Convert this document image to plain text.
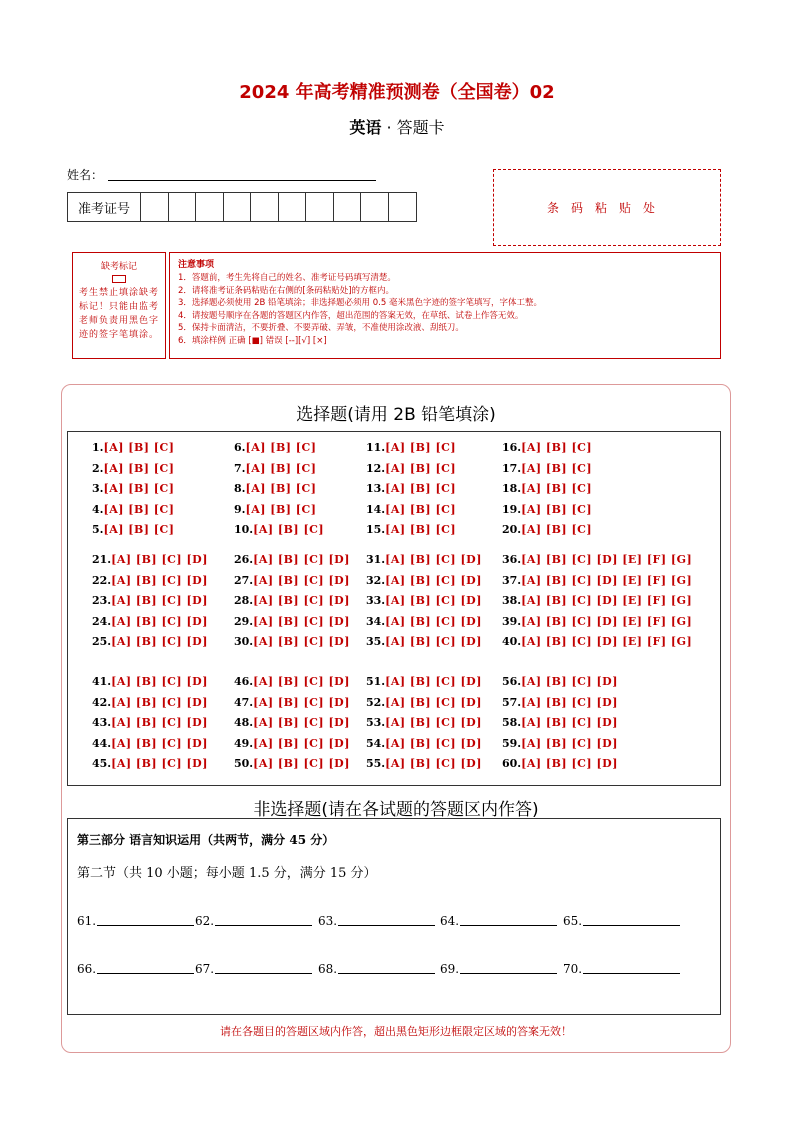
2024 年高考精准预测卷（全国卷）02
英语 · 答题卡
姓名：
准考证号	条码粘贴处
缺考标记
考生禁止填涂缺考标记！只能由监考老师负责用黑色字迹的签字笔填涂。
注意事项
1．答题前，考生先将自己的姓名、准考证号码填写清楚。
2．请将准考证条码粘贴在右侧的[条码粘贴处]的方框内。
3．选择题必须使用 2B 铅笔填涂；非选择题必须用 0.5 毫米黑色字迹的签字笔填写，字体工整。
4．请按题号顺序在各题的答题区内作答，超出范围的答案无效，在草纸、试卷上作答无效。
5．保持卡面清洁，不要折叠、不要弄破、弄皱，不准使用涂改液、刮纸刀。
6．填涂样例 正确 [■] 错误 [--][√] [×]
选择题(请用 2B 铅笔填涂)
1.[A] [B] [C]
2.[A] [B] [C]
3.[A] [B] [C]
4.[A] [B] [C]
5.[A] [B] [C]
6.[A] [B] [C]
7.[A] [B] [C]
8.[A] [B] [C]
9.[A] [B] [C]
10.[A] [B] [C]
11.[A] [B] [C]
12.[A] [B] [C]
13.[A] [B] [C]
14.[A] [B] [C]
15.[A] [B] [C]
16.[A] [B] [C]
17.[A] [B] [C]
18.[A] [B] [C]
19.[A] [B] [C]
20.[A] [B] [C]
21.[A] [B] [C] [D]
22.[A] [B] [C] [D]
23.[A] [B] [C] [D]
24.[A] [B] [C] [D]
25.[A] [B] [C] [D]
26.[A] [B] [C] [D]
27.[A] [B] [C] [D]
28.[A] [B] [C] [D]
29.[A] [B] [C] [D]
30.[A] [B] [C] [D]
31.[A] [B] [C] [D]
32.[A] [B] [C] [D]
33.[A] [B] [C] [D]
34.[A] [B] [C] [D]
35.[A] [B] [C] [D]
36.[A] [B] [C] [D] [E] [F] [G]
37.[A] [B] [C] [D] [E] [F] [G]
38.[A] [B] [C] [D] [E] [F] [G]
39.[A] [B] [C] [D] [E] [F] [G]
40.[A] [B] [C] [D] [E] [F] [G]
41.[A] [B] [C] [D]
42.[A] [B] [C] [D]
43.[A] [B] [C] [D]
44.[A] [B] [C] [D]
45.[A] [B] [C] [D]
46.[A] [B] [C] [D]
47.[A] [B] [C] [D]
48.[A] [B] [C] [D]
49.[A] [B] [C] [D]
50.[A] [B] [C] [D]
51.[A] [B] [C] [D]
52.[A] [B] [C] [D]
53.[A] [B] [C] [D]
54.[A] [B] [C] [D]
55.[A] [B] [C] [D]
56.[A] [B] [C] [D]
57.[A] [B] [C] [D]
58.[A] [B] [C] [D]
59.[A] [B] [C] [D]
60.[A] [B] [C] [D]
非选择题(请在各试题的答题区内作答)
第三部分 语言知识运用（共两节，满分 45 分）
第二节（共 10 小题；每小题 1.5 分，满分 15 分）
61.	62.	63.	64.	65.
66.	67.	68.	69.	70.
请在各题目的答题区域内作答，超出黑色矩形边框限定区域的答案无效！
